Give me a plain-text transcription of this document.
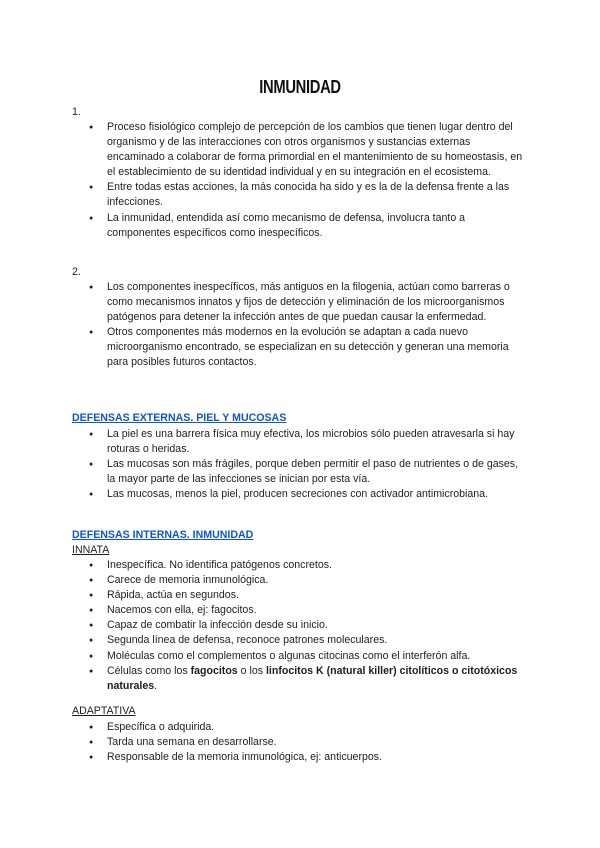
INMUNIDAD
1.
● Proceso fisiológico complejo de percepción de los cambios que tienen lugar dentro del organismo y de las interacciones con otros organismos y sustancias externas encaminado a colaborar de forma primordial en el mantenimiento de su homeostasis, en el establecimiento de su identidad individual y en su integración en el ecosistema.
● Entre todas estas acciones, la más conocida ha sido y es la de la defensa frente a las infecciones.
● La inmunidad, entendida así como mecanismo de defensa, involucra tanto a componentes específicos como inespecíficos.
2.
● Los componentes inespecíficos, más antiguos en la filogenia, actúan como barreras o como mecanismos innatos y fijos de detección y eliminación de los microorganismos patógenos para detener la infección antes de que puedan causar la enfermedad.
● Otros componentes más modernos en la evolución se adaptan a cada nuevo microorganismo encontrado, se especializan en su detección y generan una memoria para posibles futuros contactos.
DEFENSAS EXTERNAS. PIEL Y MUCOSAS
● La piel es una barrera física muy efectiva, los microbios sólo pueden atravesarla si hay roturas o heridas.
● Las mucosas son más frágiles, porque deben permitir el paso de nutrientes o de gases, la mayor parte de las infecciones se inician por esta vía.
● Las mucosas, menos la piel, producen secreciones con activador antimicrobiana.
DEFENSAS INTERNAS. INMUNIDAD
INNATA
● Inespecífica. No identifica patógenos concretos.
● Carece de memoria inmunológica.
● Rápida, actúa en segundos.
● Nacemos con ella, ej: fagocitos.
● Capaz de combatir la infección desde su inicio.
● Segunda línea de defensa, reconoce patrones moleculares.
● Moléculas como el complementos o algunas citocinas como el interferón alfa.
● Células como los fagocitos o los linfocitos K (natural killer) citolíticos o citotóxicos naturales.
ADAPTATIVA
● Específica o adquirida.
● Tarda una semana en desarrollarse.
● Responsable de la memoria inmunológica, ej: anticuerpos.
